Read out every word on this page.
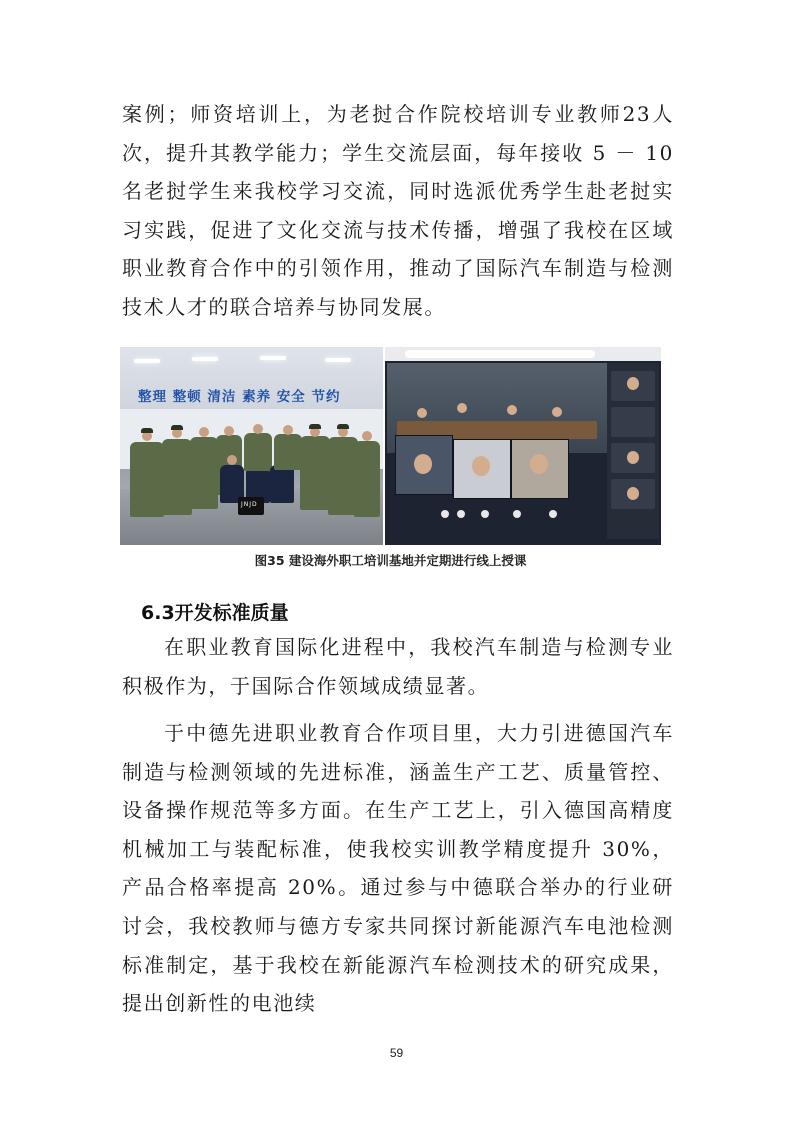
案例；师资培训上，为老挝合作院校培训专业教师23人次，提升其教学能力；学生交流层面，每年接收 5 － 10 名老挝学生来我校学习交流，同时选派优秀学生赴老挝实习实践，促进了文化交流与技术传播，增强了我校在区域职业教育合作中的引领作用，推动了国际汽车制造与检测技术人才的联合培养与协同发展。

整理 整顿 清洁 素养 安全 节约
JNJD
图35 建设海外职工培训基地并定期进行线上授课
6.3开发标准质量

在职业教育国际化进程中，我校汽车制造与检测专业积极作为，于国际合作领域成绩显著。

于中德先进职业教育合作项目里，大力引进德国汽车制造与检测领域的先进标准，涵盖生产工艺、质量管控、设备操作规范等多方面。在生产工艺上，引入德国高精度机械加工与装配标准，使我校实训教学精度提升 30%，产品合格率提高 20%。通过参与中德联合举办的行业研讨会，我校教师与德方专家共同探讨新能源汽车电池检测标准制定，基于我校在新能源汽车检测技术的研究成果，提出创新性的电池续

59
